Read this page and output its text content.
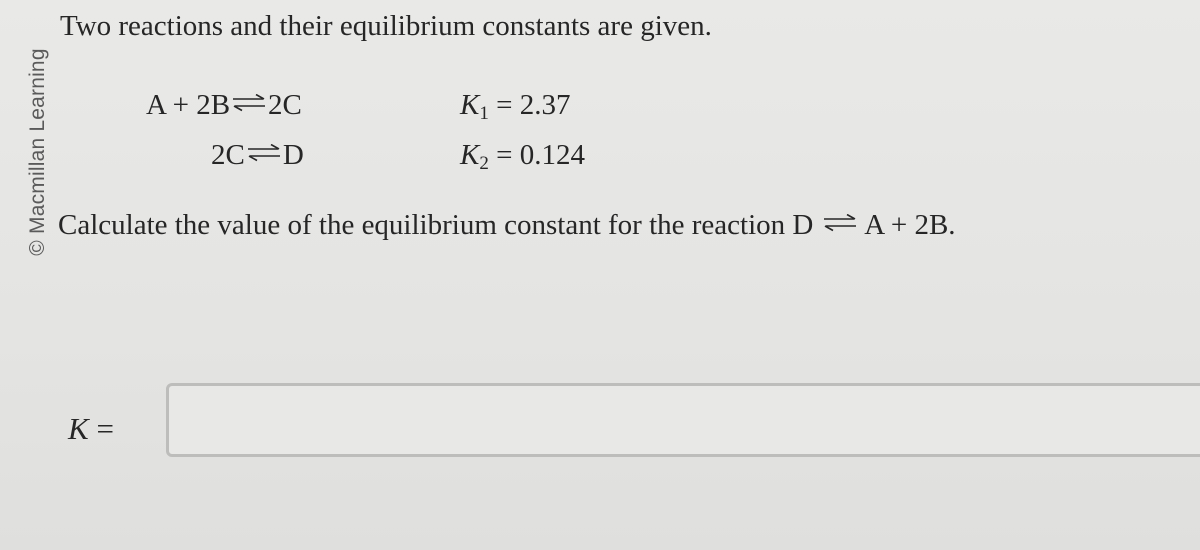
© Macmillan Learning
Two reactions and their equilibrium constants are given.
A + 2B ⇌ 2C	$K_1 = 2.37$
2C ⇌ D	$K_2 = 0.124$
Calculate the value of the equilibrium constant for the reaction D ⇌ A + 2B.
K =
